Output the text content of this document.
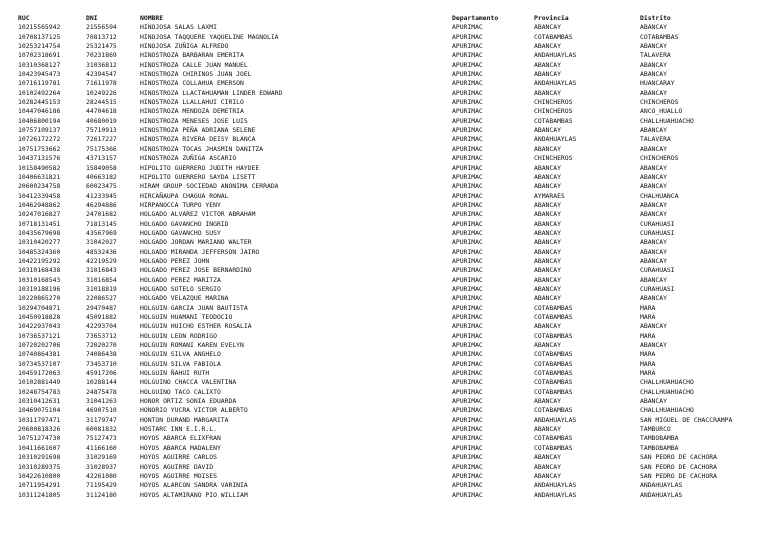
RUC	DNI	NOMBRE	Departamento	Provincia	Distrito
10215565942	21556594	HINOJOSA SALAS LAXMI	APURIMAC	ABANCAY	ABANCAY
10708137125	70813712	HINOJOSA TAQQUERE YAQUELINE MAGNOLIA	APURIMAC	COTABAMBAS	COTABAMBAS
10253214754	25321475	HINOJOSA ZUÑIGA ALFREDO	APURIMAC	ABANCAY	ABANCAY
10702318691	70231869	HINOSTROZA BARBARAN EMERITA	APURIMAC	ANDAHUAYLAS	TALAVERA
10310368127	31036812	HINOSTROZA CALLE JUAN MANUEL	APURIMAC	ABANCAY	ABANCAY
10423945473	42394547	HINOSTROZA CHIRINOS JUAN JOEL	APURIMAC	ABANCAY	ABANCAY
10716119781	71611978	HINOSTROZA COLLAHUA EMERSON	APURIMAC	ANDAHUAYLAS	HUANCARAY
10102492264	10249226	HINOSTROZA LLACTAHUAMAN LINDER EDWARD	APURIMAC	ABANCAY	ABANCAY
10282445153	28244515	HINOSTROZA LLALLAHUI CIRILO	APURIMAC	CHINCHEROS	CHINCHEROS
10447046186	44704618	HINOSTROZA MENDOZA DEMETRIA	APURIMAC	CHINCHEROS	ANCO_HUALLO
10406800194	40680019	HINOSTROZA MENESES JOSE LUIS	APURIMAC	COTABAMBAS	CHALLHUAHUACHO
10757109137	75710913	HINOSTROZA PEÑA ADRIANA SELENE	APURIMAC	ABANCAY	ABANCAY
10726172272	72617227	HINOSTROZA RIVERA DEISY BLANCA	APURIMAC	ANDAHUAYLAS	TALAVERA
10751753662	75175366	HINOSTROZA TOCAS JHASMIN DANITZA	APURIMAC	ABANCAY	ABANCAY
10437131576	43713157	HINOSTROZA ZUÑIGA ASCARIO	APURIMAC	CHINCHEROS	CHINCHEROS
10158490582	15849058	HIPOLITO GUERRERO JUDITH HAYDEE	APURIMAC	ABANCAY	ABANCAY
10406631821	40663182	HIPOLITO GUERRERO SAYDA LISETT	APURIMAC	ABANCAY	ABANCAY
20600234758	60023475	HIRAM GROUP SOCIEDAD ANONIMA CERRADA	APURIMAC	ABANCAY	ABANCAY
10412339458	41233945	HIRCAÑAUPA CHAGUA RONAL	APURIMAC	AYMARAES	CHALHUANCA
10462948862	46294886	HIRPANOCCA TURPO YENY	APURIMAC	ABANCAY	ABANCAY
10247016827	24701682	HOLGADO ALVAREZ VICTOR ABRAHAM	APURIMAC	ABANCAY	ABANCAY
10718131451	71813145	HOLGADO GAVANCHO INGRID	APURIMAC	ABANCAY	CURAHUASI
10435679698	43567969	HOLGADO GAVANCHO SUSY	APURIMAC	ABANCAY	CURAHUASI
10310420277	31042027	HOLGADO JORDAN MARIANO WALTER	APURIMAC	ABANCAY	ABANCAY
10485324360	48532436	HOLGADO MIRANDA JEFFERSON JAIRO	APURIMAC	ABANCAY	ABANCAY
10422195292	42219529	HOLGADO PEREZ JOHN	APURIMAC	ABANCAY	ABANCAY
10310168438	31016843	HOLGADO PEREZ JOSE BERNARDINO	APURIMAC	ABANCAY	CURAHUASI
10310168543	31016854	HOLGADO PEREZ MARITZA	APURIMAC	ABANCAY	ABANCAY
10310188196	31018819	HOLGADO SOTELO SERGIO	APURIMAC	ABANCAY	CURAHUASI
10220865270	22086527	HOLGADO VELAZQUE MARINA	APURIMAC	ABANCAY	ABANCAY
10294704871	29470487	HOLGUIN GARCIA JUAN BAUTISTA	APURIMAC	COTABAMBAS	MARA
10450918828	45091882	HOLGUIN HUAMANI TEODOCIO	APURIMAC	COTABAMBAS	MARA
10422937043	42293704	HOLGUIN HUICHO ESTHER ROSALIA	APURIMAC	ABANCAY	ABANCAY
10736537121	73653712	HOLGUIN LEON RODRIGO	APURIMAC	COTABAMBAS	MARA
10720202706	72020270	HOLGUIN ROMANI KAREN EVELYN	APURIMAC	ABANCAY	ABANCAY
10740864381	74086438	HOLGUIN SILVA ANGHELO	APURIMAC	COTABAMBAS	MARA
10734537107	73453710	HOLGUIN SILVA FABIOLA	APURIMAC	COTABAMBAS	MARA
10459172063	45917206	HOLGUIN ÑAHUI RUTH	APURIMAC	COTABAMBAS	MARA
10102881449	10288144	HOLGUINO CHACCA VALENTINA	APURIMAC	COTABAMBAS	CHALLHUAHUACHO
10248754783	24875478	HOLGUINO TACO CALIXTO	APURIMAC	COTABAMBAS	CHALLHUAHUACHO
10310412631	31041263	HONOR ORTIZ SONIA EDUARDA	APURIMAC	ABANCAY	ABANCAY
10469075104	46907510	HONORIO YUCRA VICTOR ALBERTO	APURIMAC	COTABAMBAS	CHALLHUAHUACHO
10311797471	31179747	HONTON DURAND MARGARITA	APURIMAC	ANDAHUAYLAS	SAN MIGUEL DE CHACCRAMPA
20600818326	60081832	HOSTARC INN E.I.R.L.	APURIMAC	ABANCAY	TAMBURCO
10751274730	75127473	HOYOS ABARCA ELIXFRAN	APURIMAC	COTABAMBAS	TAMBOBAMBA
10411661607	41166160	HOYOS ABARCA MADALENY	APURIMAC	COTABAMBAS	TAMBOBAMBA
10310291698	31029169	HOYOS AGUIRRE CARLOS	APURIMAC	ABANCAY	SAN PEDRO DE CACHORA
10310289375	31028937	HOYOS AGUIRRE DAVID	APURIMAC	ABANCAY	SAN PEDRO DE CACHORA
10422610800	42261080	HOYOS AGUIRRE MOISES	APURIMAC	ABANCAY	SAN PEDRO DE CACHORA
10711954291	71195429	HOYOS ALARCON SANDRA VARINIA	APURIMAC	ANDAHUAYLAS	ANDAHUAYLAS
10311241805	31124180	HOYOS ALTAMIRANO PIO WILLIAM	APURIMAC	ANDAHUAYLAS	ANDAHUAYLAS
